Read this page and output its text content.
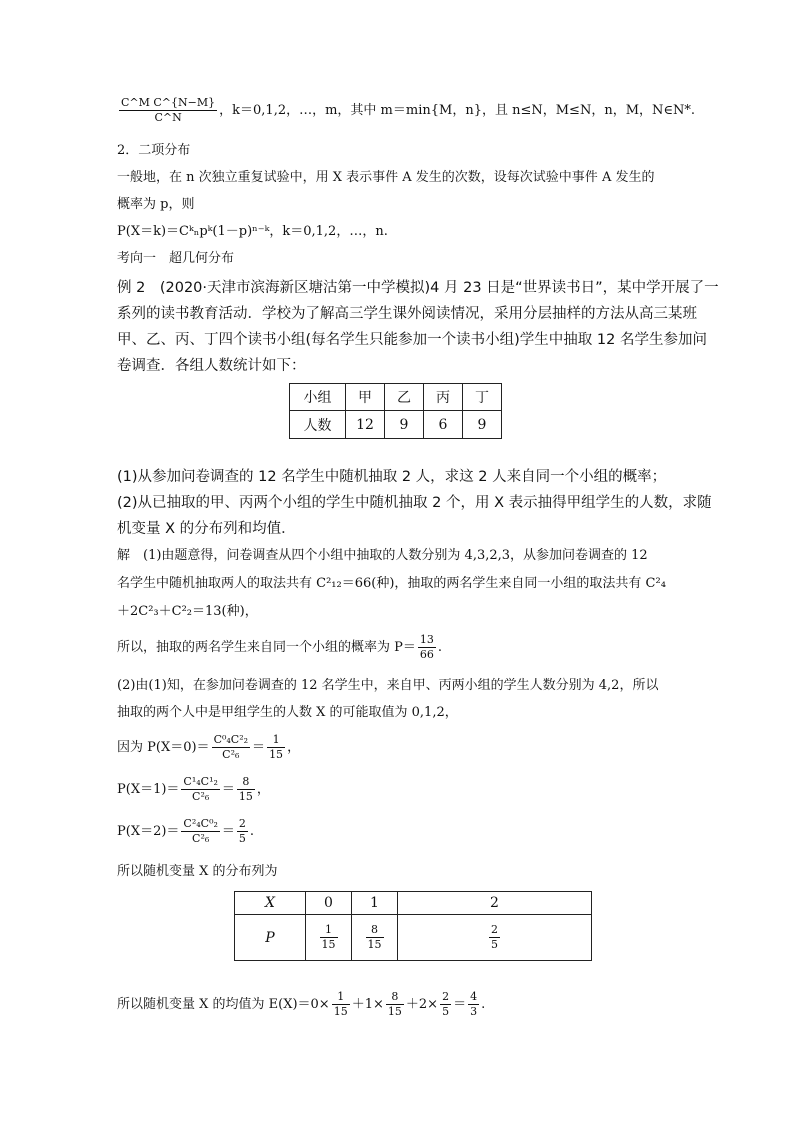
$\frac{\text{C\textasciicircum{}M C\textasciicircum{}\{N−M\}}}{C\^{}N}$ ，k＝0,1,2，…，m，其中 m＝min{M，n}，且 n≤N，M≤N，n，M，N∈N*.
2．二项分布
一般地，在 n 次独立重复试验中，用 X 表示事件 A 发生的次数，设每次试验中事件 A 发生的
概率为 p，则
P(X＝k)＝Cᵏₙpᵏ(1－p)ⁿ⁻ᵏ，k＝0,1,2，…，n.
考向一　超几何分布
例 2　(2020·天津市滨海新区塘沽第一中学模拟)4 月 23 日是“世界读书日”，某中学开展了一
系列的读书教育活动．学校为了解高三学生课外阅读情况，采用分层抽样的方法从高三某班
甲、乙、丙、丁四个读书小组(每名学生只能参加一个读书小组)学生中抽取 12 名学生参加问
卷调查．各组人数统计如下：
小组	甲	乙	丙	丁
人数	12	9	6	9
(1)从参加问卷调查的 12 名学生中随机抽取 2 人，求这 2 人来自同一个小组的概率；
(2)从已抽取的甲、丙两个小组的学生中随机抽取 2 个，用 X 表示抽得甲组学生的人数，求随
机变量 X 的分布列和均值．
解　(1)由题意得，问卷调查从四个小组中抽取的人数分别为 4,3,2,3，从参加问卷调查的 12
名学生中随机抽取两人的取法共有 C²₁₂＝66(种)，抽取的两名学生来自同一小组的取法共有 C²₄
＋2C²₃＋C²₂＝13(种)，
所以，抽取的两名学生来自同一个小组的概率为 $P= \frac{13}{66}$ .
(2)由(1)知，在参加问卷调查的 12 名学生中，来自甲、丙两小组的学生人数分别为 4,2，所以
抽取的两个人中是甲组学生的人数 X 的可能取值为 0,1,2，
因为 $P(X=0)= \frac{\text{C⁰₄C²₂}}{\text{C²₆}} = \frac{1}{15}$ ，
$P(X=1)= \frac{\text{C¹₄C¹₂}}{\text{C²₆}} = \frac{8}{15}$ ，
$P(X=2)= \frac{\text{C²₄C⁰₂}}{\text{C²₆}} = \frac{2}{5}$ .
所以随机变量 X 的分布列为
X	0	1	2
P	$\frac{1}{15}$	$\frac{8}{15}$	$\frac{2}{5}$
所以随机变量 X 的均值为 $E(X)=0\times \frac{1}{15} +1\times \frac{8}{15} +2\times \frac{2}{5} = \frac{4}{3}$ .
